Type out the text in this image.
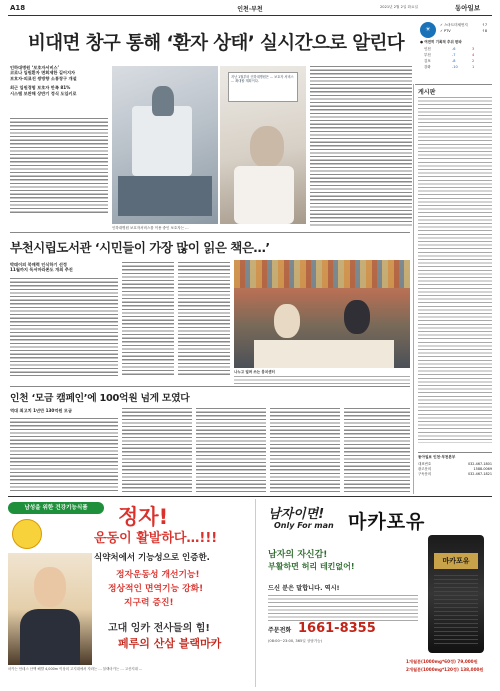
A18	인천·부천	2021년 2월 2일 화요일	동아일보
비대면 창구 통해 ‘환자 상태’ 실시간으로 알린다
☀
✓ 스마트미세먼지	↑7
✓ PTV	↑8
● 여전히 기록적 추위 한파
인천	-6	3
부천	-7	4
김포	-8	2
강화	-10	1
인하대병원 ‘보호자서비스’
코로나 입원환자 면회제한 길어지자
보호자·의료진 쌍방향 소통창구 개설
최근 입원경험 보호자 만족 81%
시스템 보완해 상반기 정식 도입키로
지난 1월부터 인하대병원은 … 보호자 서비스 … 확대할 계획이다.
인하대병원 보호자서비스를 이용 중인 보호자는 …
게시판
동아일보 인천·부천본부
대표번호	032-467-1801
광고문의	1588-0069
구독문의	032-467-1821
부천시립도서관 ‘시민들이 가장 많이 읽은 책은…’
박태이의 북매력 인식하기 선정
11월까지 독서마라톤도 개최 추진
나누고 빌려 쓰는 뭉치센터
인천 ‘모금 캠페인’에 100억원 넘게 모였다
역대 최고치 1년만 130억원 모금
남성을 위한 건강기능식품	정자!
운동이 활발하다…!!!
식약처에서 기능성으로 인증한.
정자운동성 개선기능!
정상적인 면역기능 강화!
지구력 증진!
고대 잉카 전사들의 힘!
페루의 산삼 블랙마카
마카는 안데스 산맥 해발 4,000m 이상의 고지대에서 자라는 … 블랙마카는 … 고산지대 …
남자이면!
Only For man 마카포유
남자의 자신감!
부활하면 허리 테킨없어!
드신 분은 말합니다. 역시!
주문전화 1661-8355
(08:00~23:00, 365일 상담가능)
1개월분(1000mg*60정) 79,000원
2개월분(1000mg*120정) 138,000원
마카포유
